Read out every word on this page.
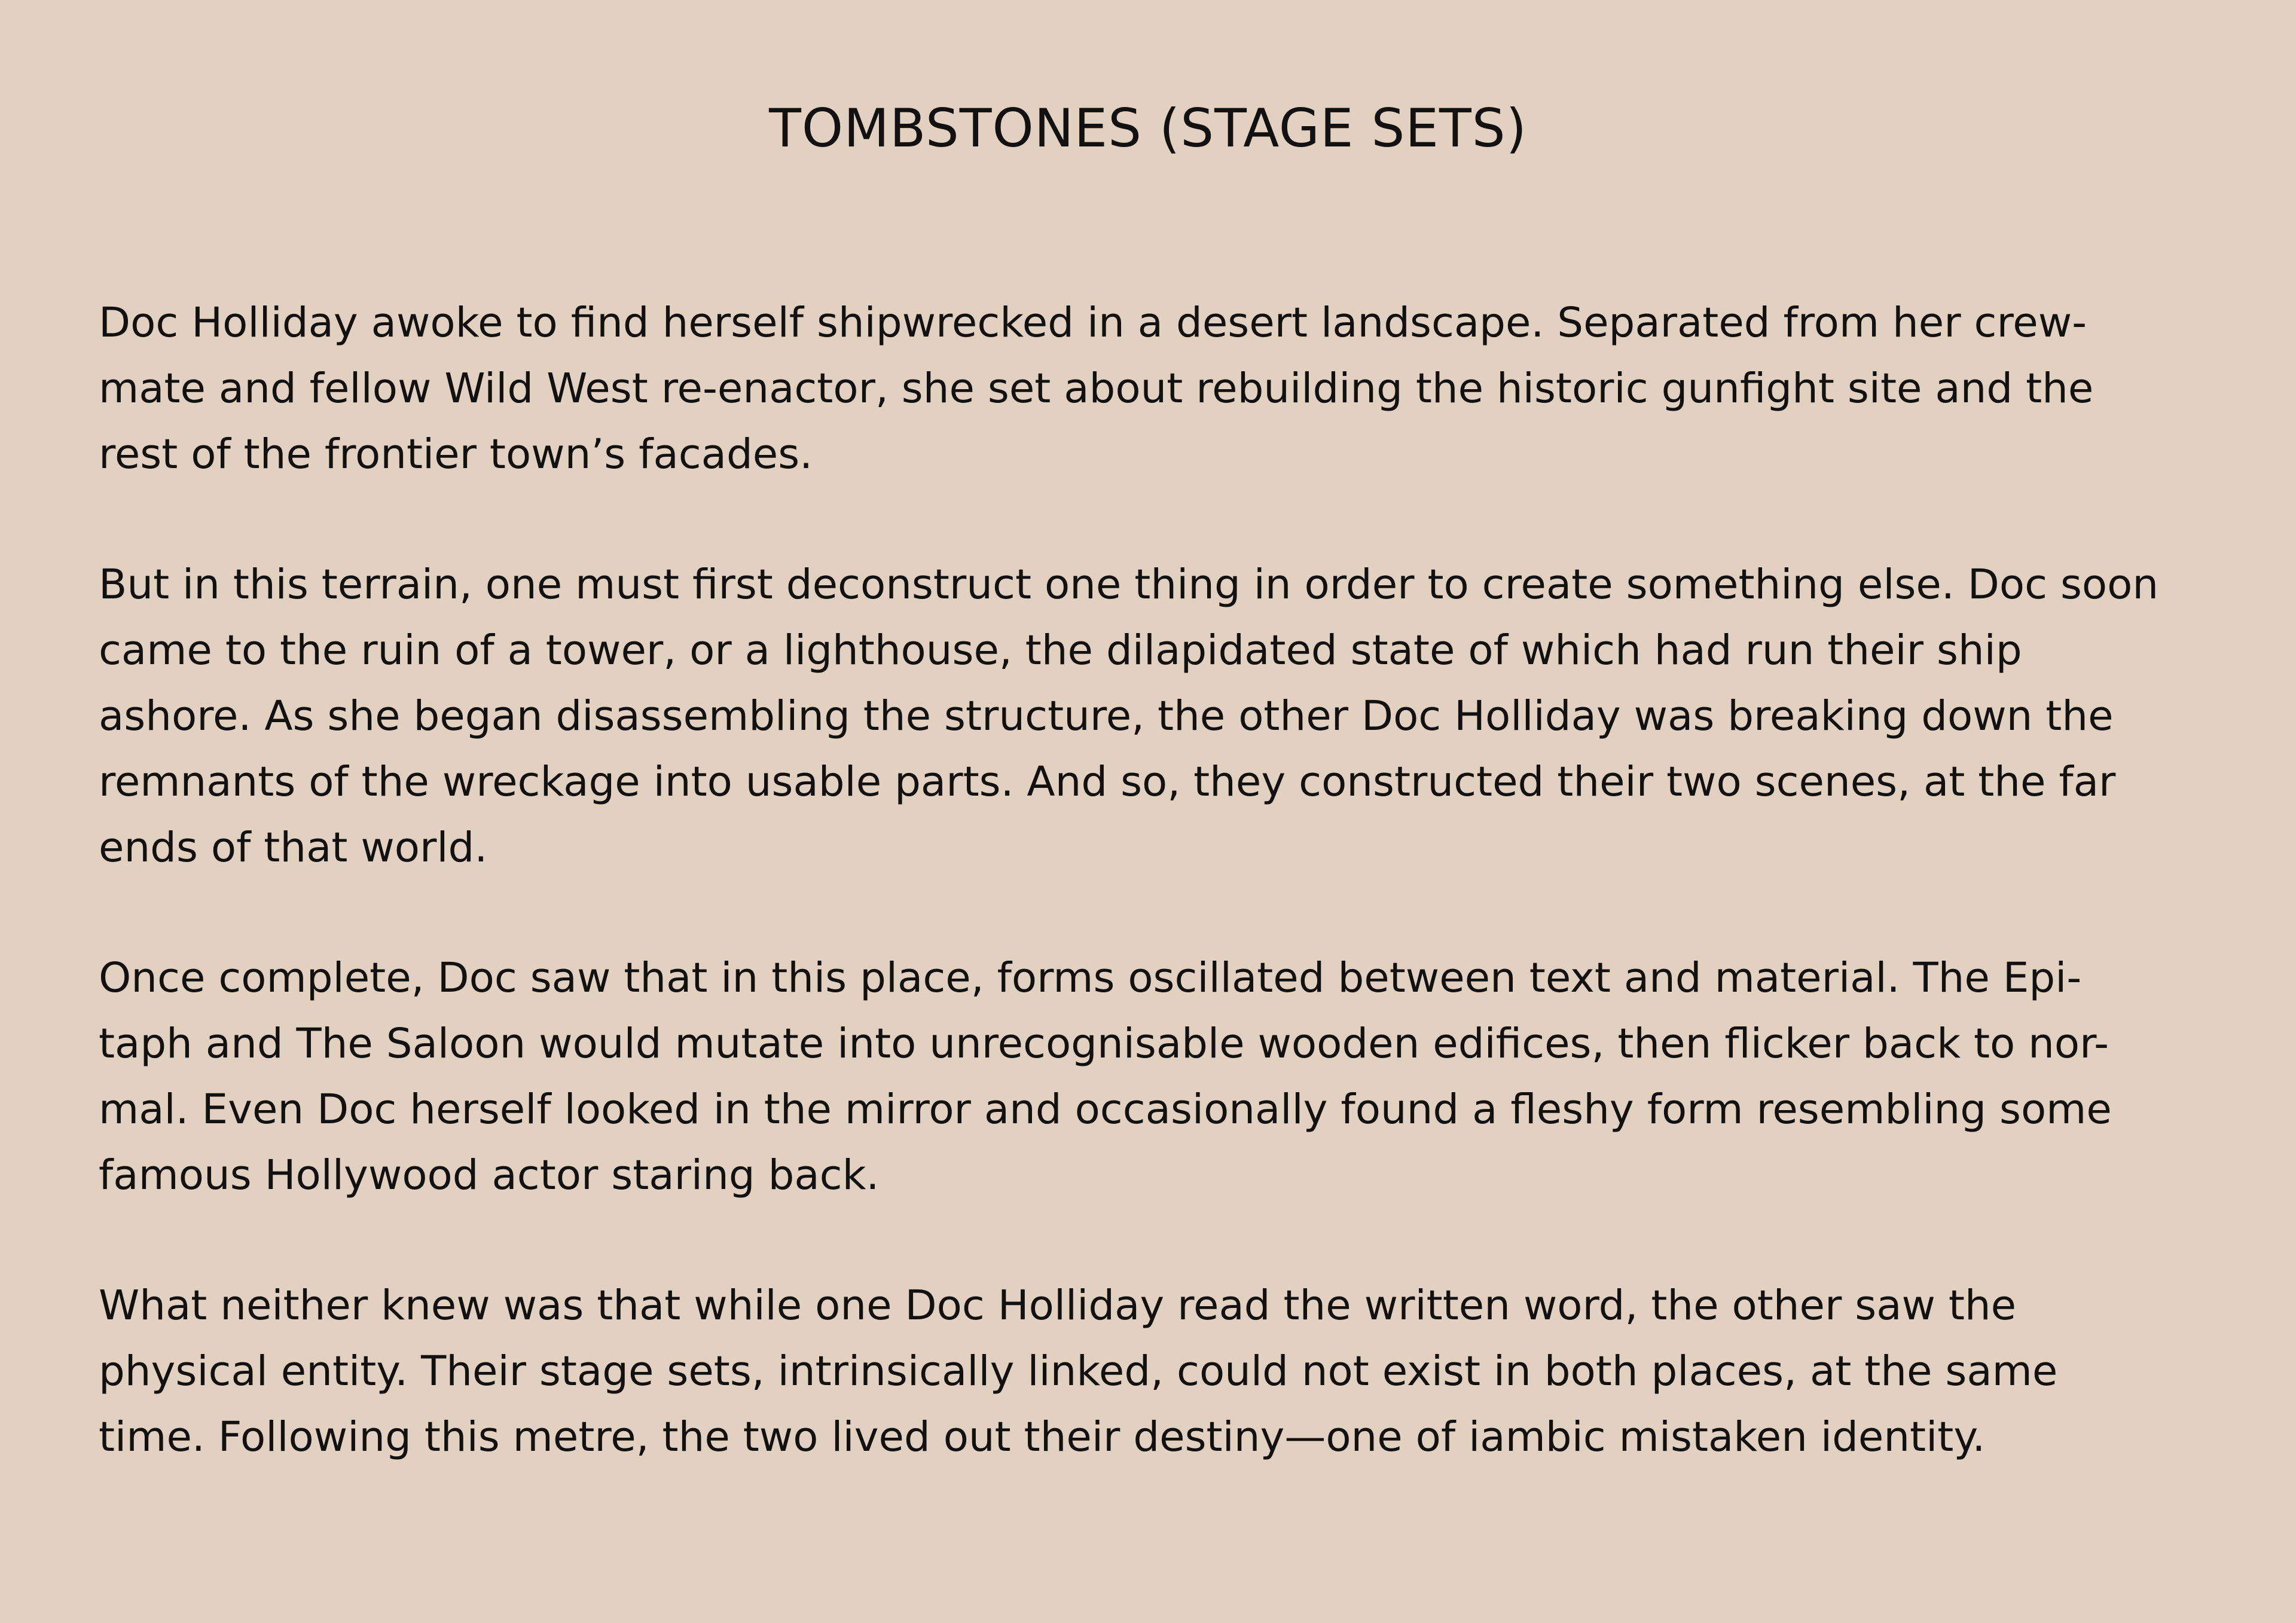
TOMBSTONES (STAGE SETS)

Doc Holliday awoke to find herself shipwrecked in a desert landscape. Separated from her crew-
mate and fellow Wild West re-enactor, she set about rebuilding the historic gunfight site and the
rest of the frontier town’s facades.

But in this terrain, one must first deconstruct one thing in order to create something else. Doc soon
came to the ruin of a tower, or a lighthouse, the dilapidated state of which had run their ship
ashore. As she began disassembling the structure, the other Doc Holliday was breaking down the
remnants of the wreckage into usable parts. And so, they constructed their two scenes, at the far
ends of that world.

Once complete, Doc saw that in this place, forms oscillated between text and material. The Epi-
taph and The Saloon would mutate into unrecognisable wooden edifices, then flicker back to nor-
mal. Even Doc herself looked in the mirror and occasionally found a fleshy form resembling some
famous Hollywood actor staring back.

What neither knew was that while one Doc Holliday read the written word, the other saw the
physical entity. Their stage sets, intrinsically linked, could not exist in both places, at the same
time. Following this metre, the two lived out their destiny—one of iambic mistaken identity.
